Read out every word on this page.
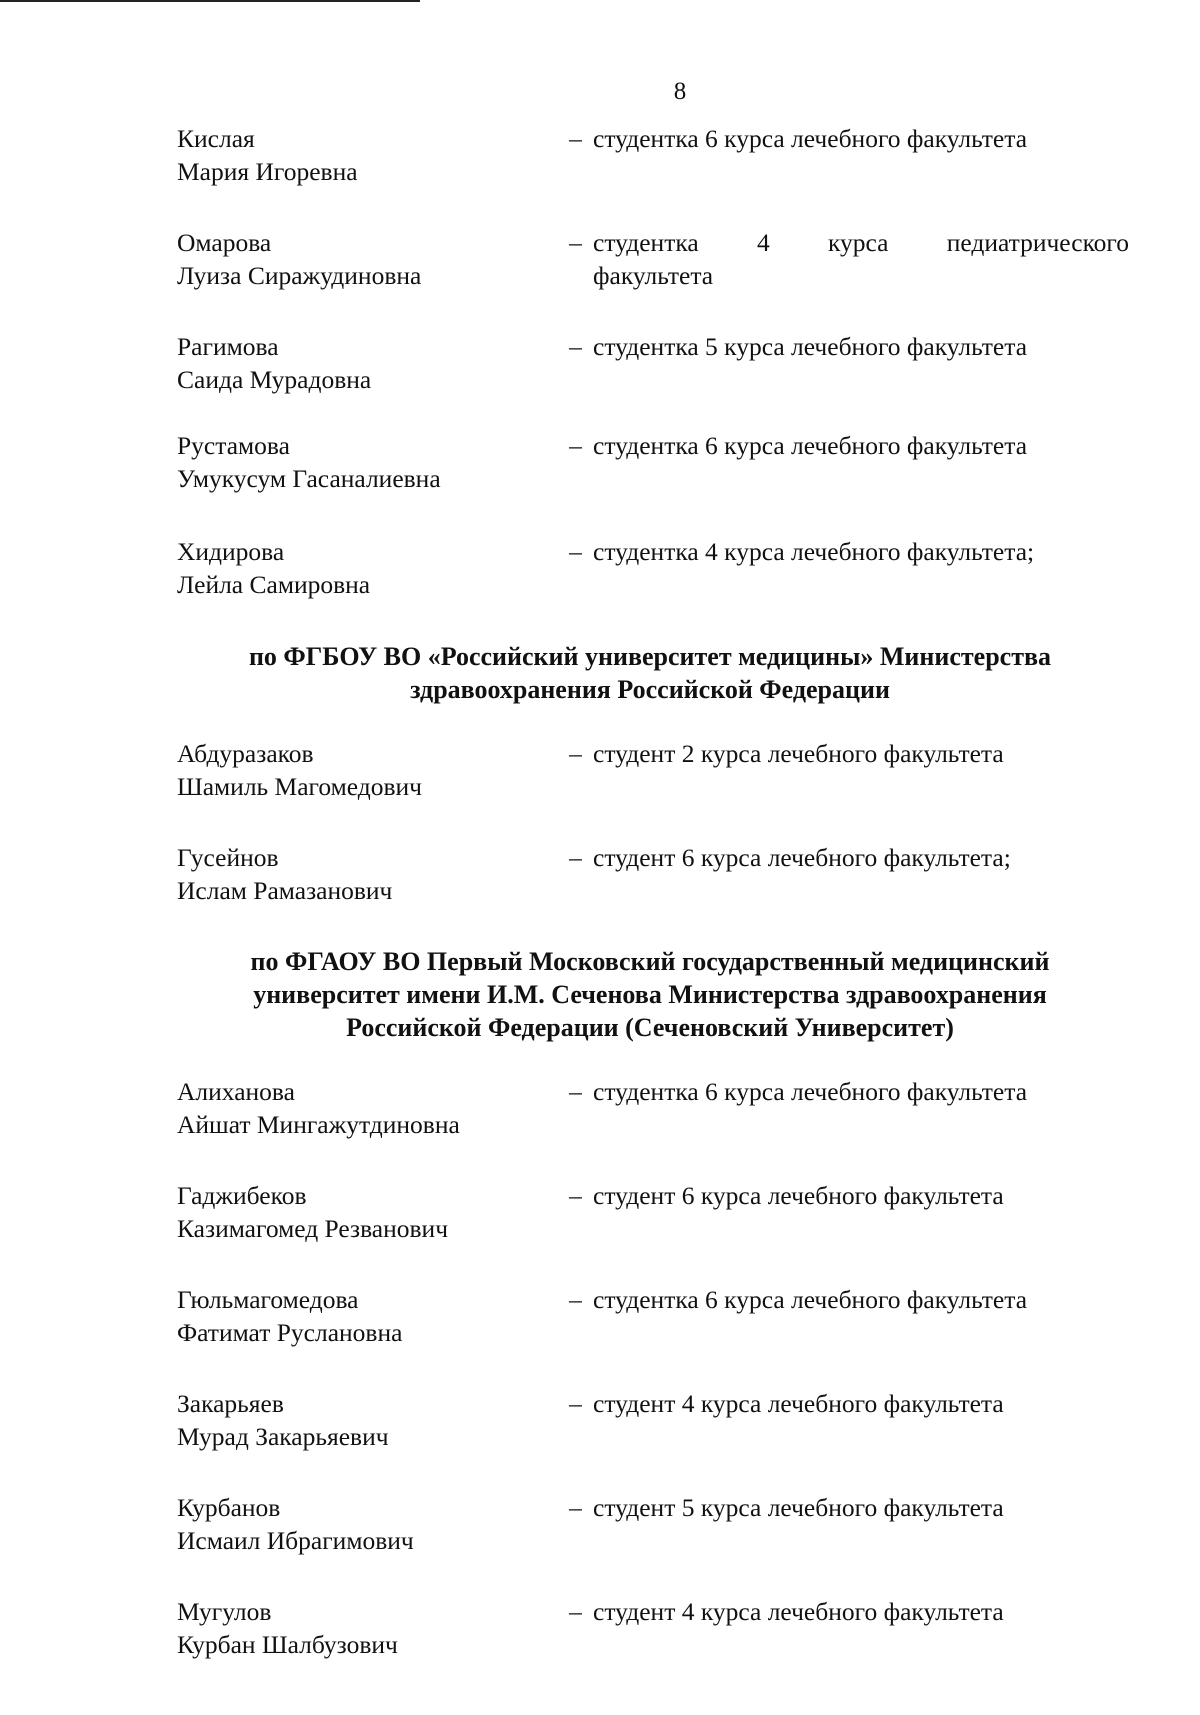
8
Кислая
Мария Игоревна
– студентка 6 курса лечебного факультета
Омарова
Луиза Сиражудиновна
– студентка 4 курса педиатрического
факультета
Рагимова
Саида Мурадовна
– студентка 5 курса лечебного факультета
Рустамова
Умукусум Гасаналиевна
– студентка 6 курса лечебного факультета
Хидирова
Лейла Самировна
– студентка 4 курса лечебного факультета;
по ФГБОУ ВО «Российский университет медицины» Министерства
здравоохранения Российской Федерации
Абдуразаков
Шамиль Магомедович
– студент 2 курса лечебного факультета
Гусейнов
Ислам Рамазанович
– студент 6 курса лечебного факультета;
по ФГАОУ ВО Первый Московский государственный медицинский
университет имени И.М. Сеченова Министерства здравоохранения
Российской Федерации (Сеченовский Университет)
Алиханова
Айшат Мингажутдиновна
– студентка 6 курса лечебного факультета
Гаджибеков
Казимагомед Резванович
– студент 6 курса лечебного факультета
Гюльмагомедова
Фатимат Руслановна
– студентка 6 курса лечебного факультета
Закарьяев
Мурад Закарьяевич
– студент 4 курса лечебного факультета
Курбанов
Исмаил Ибрагимович
– студент 5 курса лечебного факультета
Мугулов
Курбан Шалбузович
– студент 4 курса лечебного факультета
